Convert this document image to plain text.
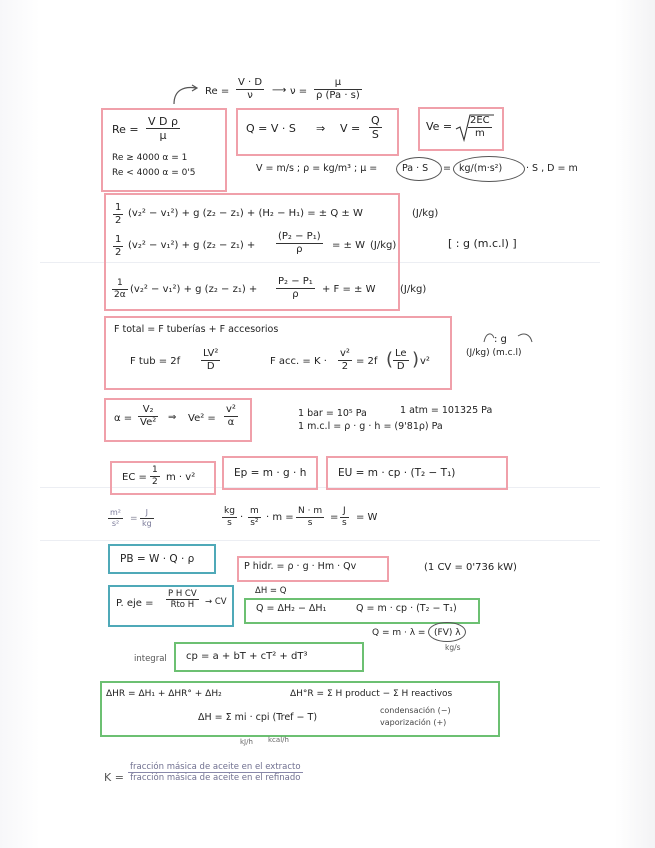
$Re = \frac{V \cdot D}{\nu}$ ⟶ $\nu = \frac{\mu}{\rho (Pa \cdot s)}$
$Re = \frac{\text{V D ρ}}{\mu}$
Re ≥ 4000 α = 1
Re < 4000 α = 0'5
Q = V · S ⇒ $V = \frac{Q}{S}$	$Ve = \frac{2EC}{m}$
V = m/s ; ρ = kg/m³ ; μ =	Pa · S = kg/(m·s²)	· S , D = m
$\frac{1}{2} (v_2^2 - v_1^2) + g$ (z₂ − z₁) + (H₂ − H₁) = ± Q ± W	(J/kg)
$\frac{1}{2} (v_2^2 - v_1^2) + g$ $(z_2 - z_1) + \frac{\text{(P₂ − P₁)}}{\rho}$ = ± W (J/kg)	[ : g (m.c.l) ]
$\frac{1}{2\alpha} (v_2^2 - v_1^2) + g$ $(z_2 - z_1) + \frac{\text{P₂ − P₁}}{\rho} + F$ = ± W (J/kg)
F total = F tuberías + F accesorios
F tub = $2f \frac{\text{LV²}}{D}$	F acc. = $K \cdot \frac{\text{v²}}{2} = 2f$ ( $\frac{Le}{D}$ ) v²
: g
(J/kg) (m.c.l)
$\alpha = \frac{\text{V₂}}{\text{Ve²}}$ ⇒ $Ve^2 = \frac{\text{v²}}{\alpha}$	1 bar = 10⁵ Pa	1 atm = 101325 Pa
1 m.c.l = ρ · g · h = (9'81ρ) Pa
EC = $\frac{1}{2}$ m · v²	Ep = m · g · h	EU = m · cp · (T₂ − T₁)
$\frac{\text{m²}}{\text{s²}} = \frac{J}{kg}$	$\frac{kg}{s} \cdot \frac{m}{\text{s²}} \cdot m = \frac{N \cdot m}{s} = \frac{J}{s} = W$
PB = W · Q · ρ
P hidr. = ρ · g · Hm · Qv	(1 CV = 0'736 kW)
P. eje =
P H CV
Rto H	→ CV
ΔH = Q
Q = ΔH₂ − ΔH₁	Q = m · cp · (T₂ − T₁)
Q = m · λ = (FV) λ
kg/s
integral cp = a + bT + cT² + dT³
ΔHR = ΔH₁ + ΔHR° + ΔH₂	ΔH°R = Σ H product − Σ H reactivos
condensación (−)
vaporización (+)
ΔH = Σ mi · cpi (Tref − T)
kJ/h kcal/h
K =
fracción másica de aceite en el extracto
fracción másica de aceite en el refinado
